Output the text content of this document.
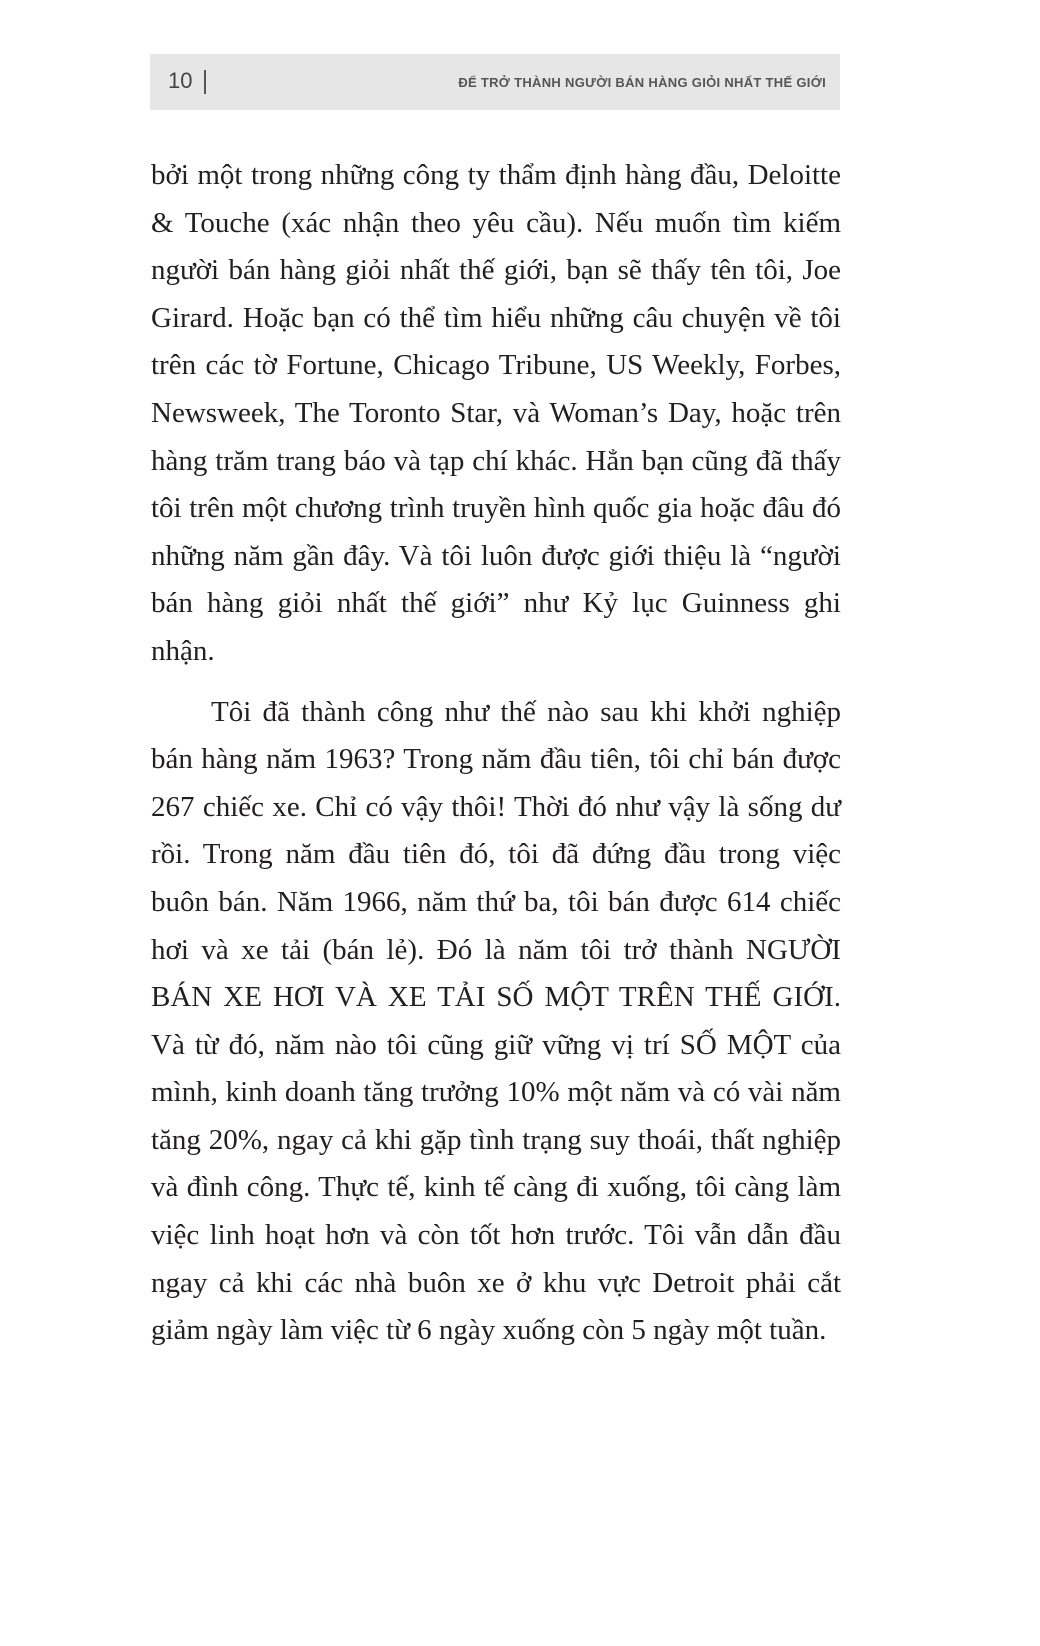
10	ĐỂ TRỞ THÀNH NGƯỜI BÁN HÀNG GIỎI NHẤT THẾ GIỚI

bởi một trong những công ty thẩm định hàng đầu, Deloitte & Touche (xác nhận theo yêu cầu). Nếu muốn tìm kiếm người bán hàng giỏi nhất thế giới, bạn sẽ thấy tên tôi, Joe Girard. Hoặc bạn có thể tìm hiểu những câu chuyện về tôi trên các tờ Fortune, Chicago Tribune, US Weekly, Forbes, Newsweek, The Toronto Star, và Woman’s Day, hoặc trên hàng trăm trang báo và tạp chí khác. Hẳn bạn cũng đã thấy tôi trên một chương trình truyền hình quốc gia hoặc đâu đó những năm gần đây. Và tôi luôn được giới thiệu là “người bán hàng giỏi nhất thế giới” như Kỷ lục Guinness ghi nhận.

Tôi đã thành công như thế nào sau khi khởi nghiệp bán hàng năm 1963? Trong năm đầu tiên, tôi chỉ bán được 267 chiếc xe. Chỉ có vậy thôi! Thời đó như vậy là sống dư rồi. Trong năm đầu tiên đó, tôi đã đứng đầu trong việc buôn bán. Năm 1966, năm thứ ba, tôi bán được 614 chiếc hơi và xe tải (bán lẻ). Đó là năm tôi trở thành NGƯỜI BÁN XE HƠI VÀ XE TẢI SỐ MỘT TRÊN THẾ GIỚI. Và từ đó, năm nào tôi cũng giữ vững vị trí SỐ MỘT của mình, kinh doanh tăng trưởng 10% một năm và có vài năm tăng 20%, ngay cả khi gặp tình trạng suy thoái, thất nghiệp và đình công. Thực tế, kinh tế càng đi xuống, tôi càng làm việc linh hoạt hơn và còn tốt hơn trước. Tôi vẫn dẫn đầu ngay cả khi các nhà buôn xe ở khu vực Detroit phải cắt giảm ngày làm việc từ 6 ngày xuống còn 5 ngày một tuần.
